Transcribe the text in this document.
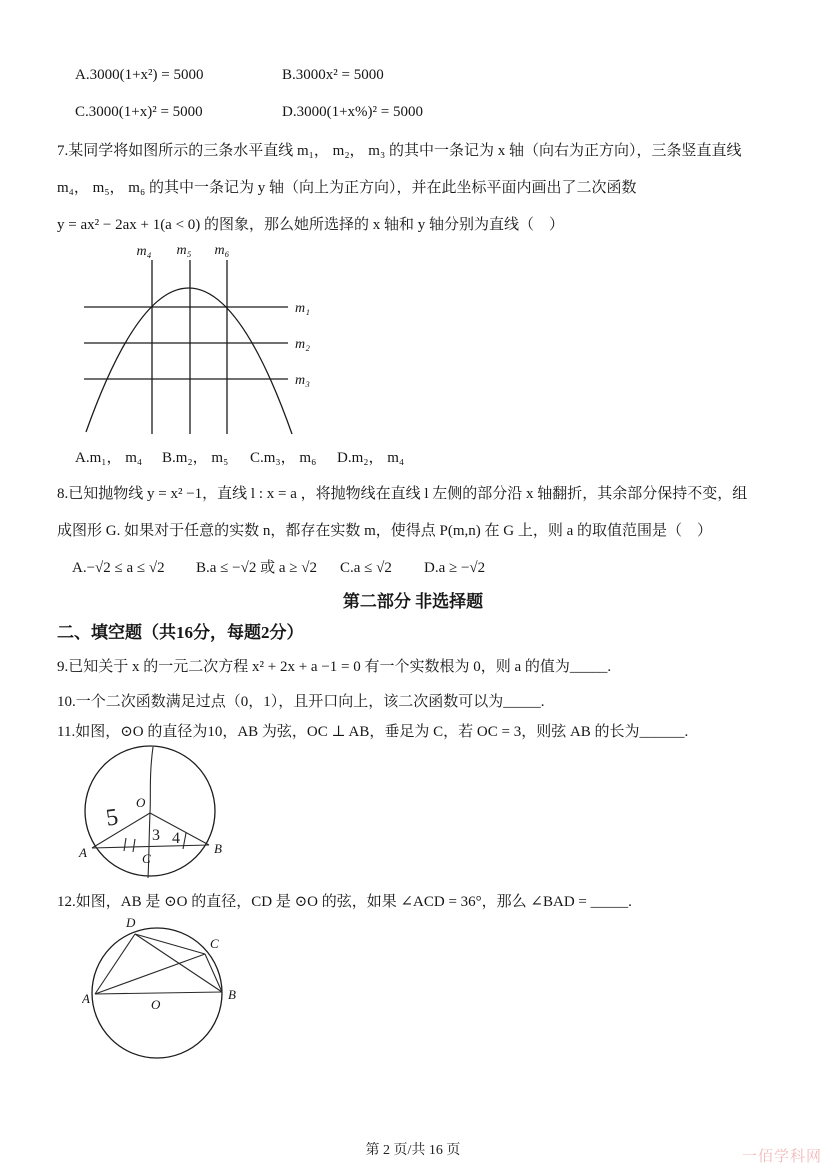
A.3000(1+x²) = 5000	B.3000x² = 5000
C.3000(1+x)² = 5000	D.3000(1+x%)² = 5000
7.某同学将如图所示的三条水平直线 m₁， m₂， m₃ 的其中一条记为 x 轴（向右为正方向），三条竖直直线
m₄， m₅， m₆ 的其中一条记为 y 轴（向上为正方向），并在此坐标平面内画出了二次函数
y = ax² − 2ax + 1(a < 0) 的图象，那么她所选择的 x 轴和 y 轴分别为直线（　）
m₄ m₅ m₆
m₁
m₂
m₃
A.m₁， m₄ B.m₂， m₅ C.m₃， m₆ D.m₂， m₄
8.已知抛物线 y = x² −1，直线 l : x = a ，将抛物线在直线 l 左侧的部分沿 x 轴翻折，其余部分保持不变，组
成图形 G. 如果对于任意的实数 n，都存在实数 m，使得点 P(m,n) 在 G 上，则 a 的取值范围是（　）
A.−√2 ≤ a ≤ √2 B.a ≤ −√2 或 a ≥ √2 C.a ≤ √2 D.a ≥ −√2
第二部分 非选择题
二、填空题（共16分，每题2分）
9.已知关于 x 的一元二次方程 x² + 2x + a −1 = 0 有一个实数根为 0，则 a 的值为_____.
10.一个二次函数满足过点（0，1），且开口向上，该二次函数可以为_____.
11.如图，⊙O 的直径为10，AB 为弦，OC ⊥ AB，垂足为 C，若 OC = 3，则弦 AB 的长为______.
O
A	B
C
5
3 4
12.如图，AB 是 ⊙O 的直径，CD 是 ⊙O 的弦，如果 ∠ACD = 36°，那么 ∠BAD = _____.
D
C
A	B
O
第 2 页/共 16 页	一佰学科网
